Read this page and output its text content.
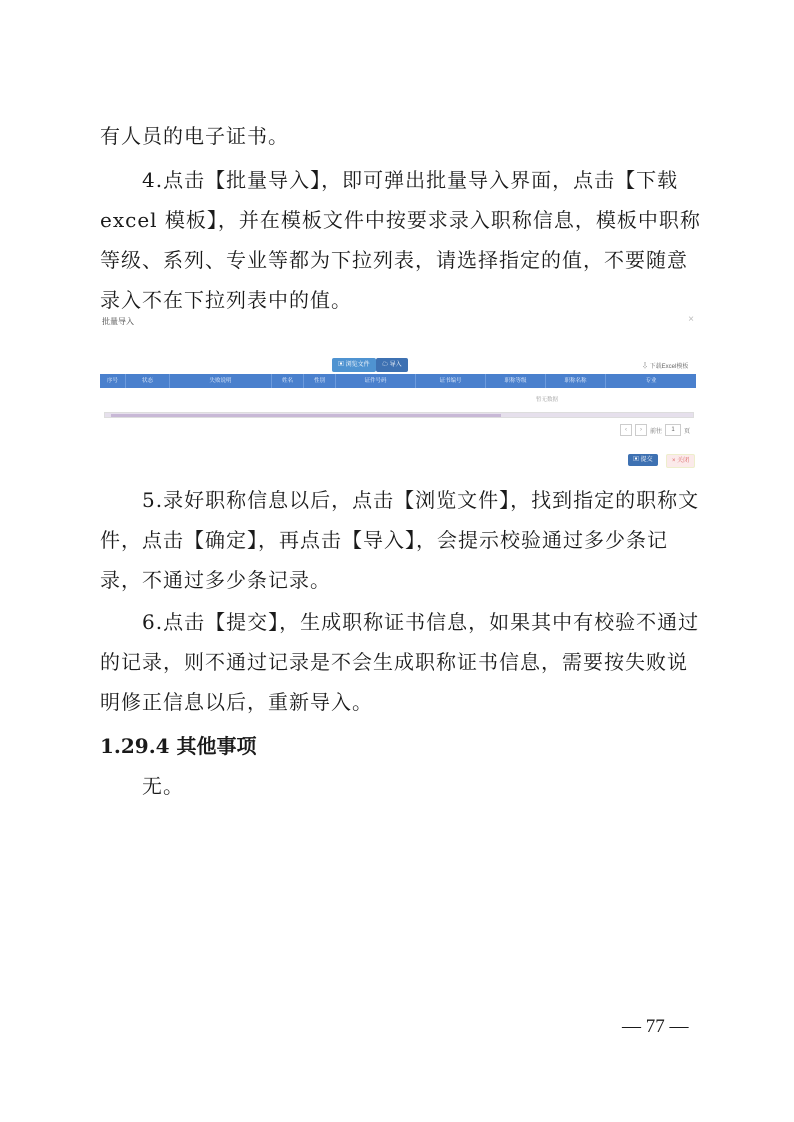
有人员的电子证书。

4.点击【批量导入】，即可弹出批量导入界面，点击【下载 excel 模板】，并在模板文件中按要求录入职称信息，模板中职称等级、系列、专业等都为下拉列表，请选择指定的值，不要随意录入不在下拉列表中的值。

批量导入	×
▣ 浏览文件	☁ 导入	⇩ 下载Excel模板
序号	状态	失败说明	姓名	性别	证件号码	证书编号	职称等级	职称名称	专业
暂无数据
‹	›	前往	1	页
▣ 提交	× 关闭

5.录好职称信息以后，点击【浏览文件】，找到指定的职称文件，点击【确定】，再点击【导入】，会提示校验通过多少条记录，不通过多少条记录。

6.点击【提交】，生成职称证书信息，如果其中有校验不通过的记录，则不通过记录是不会生成职称证书信息，需要按失败说明修正信息以后，重新导入。

1.29.4 其他事项

无。

— 77 —
